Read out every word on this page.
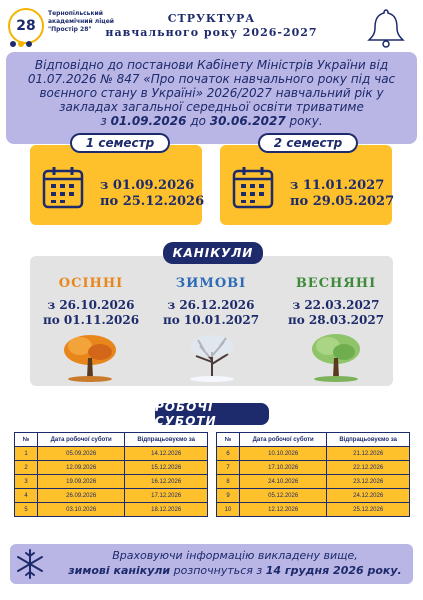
28
Тернопільський академічний ліцей "Простір 28"
СТРУКТУРА
навчального року 2026-2027
Відповідно до постанови Кабінету Міністрів України від
01.07.2026 № 847 «Про початок навчального року під час
воєнного стану в Україні» 2026/2027 навчальний рік у
закладах загальної середньої освіти триватиме
з 01.09.2026 до 30.06.2027 року.
1 семестр
з 01.09.2026
по 25.12.2026
2 семестр
з 11.01.2027
по 29.05.2027
КАНІКУЛИ
ОСІННІ
з 26.10.2026
по 01.11.2026
ЗИМОВІ
з 26.12.2026
по 10.01.2027
ВЕСНЯНІ
з 22.03.2027
по 28.03.2027
РОБОЧІ СУБОТИ
№	Дата робочої суботи	Відпрацьовуємо за
1	05.09.2026	14.12.2026
2	12.09.2026	15.12.2026
3	19.09.2026	16.12.2026
4	26.09.2026	17.12.2026
5	03.10.2026	18.12.2026
№	Дата робочої суботи	Відпрацьовуємо за
6	10.10.2026	21.12.2026
7	17.10.2026	22.12.2026
8	24.10.2026	23.12.2026
9	05.12.2026	24.12.2026
10	12.12.2026	25.12.2026
Враховуючи інформацію викладену вище,
зимові канікули розпочнуться з 14 грудня 2026 року.
